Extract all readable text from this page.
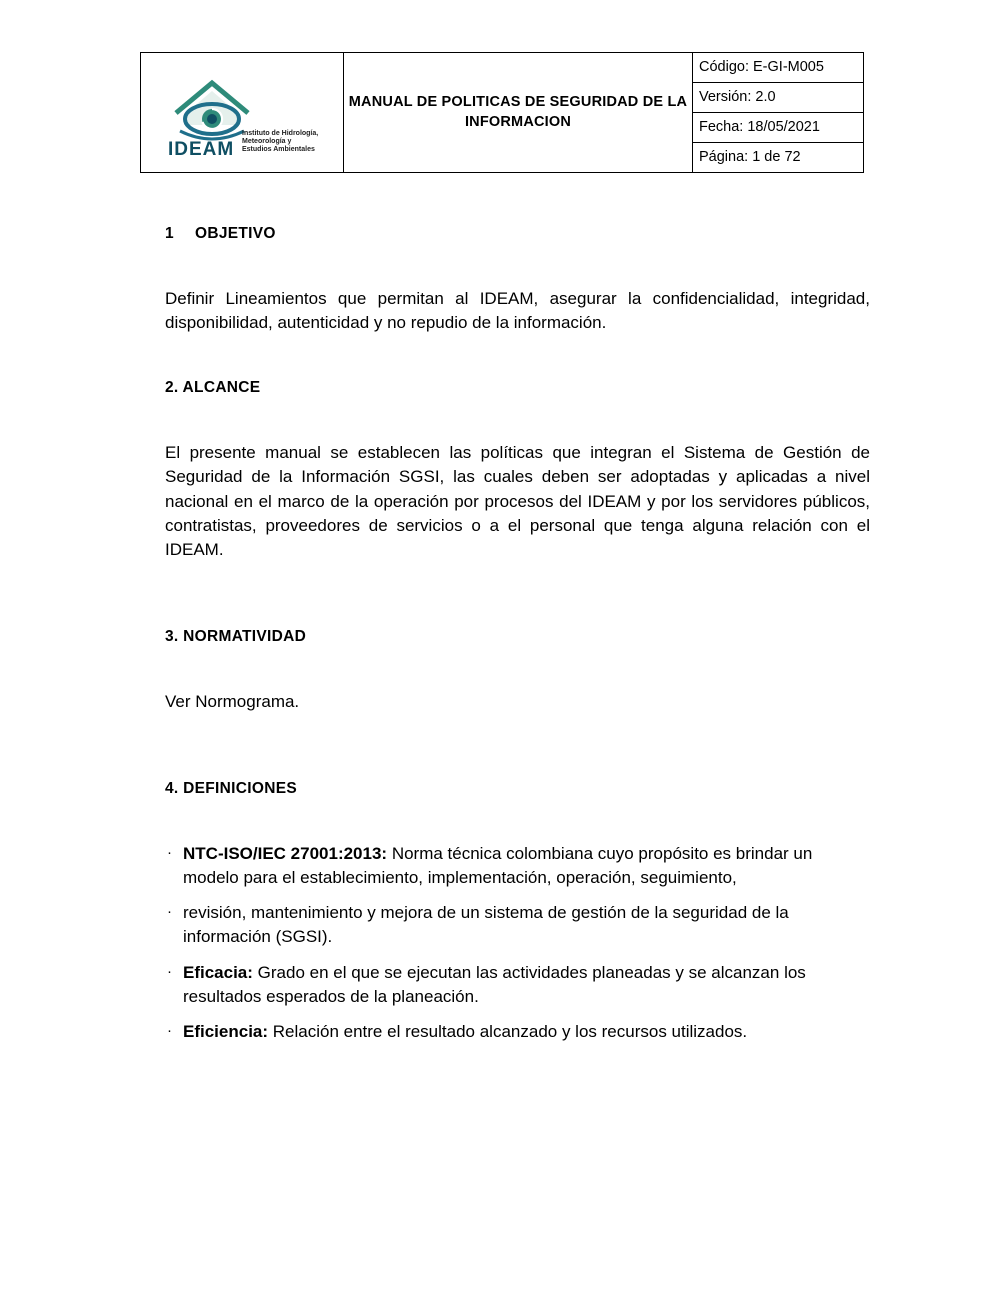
IDEAM
Instituto de Hidrología,
Meteorología y
Estudios Ambientales
	MANUAL DE POLITICAS DE SEGURIDAD DE LA INFORMACION	
Código: E-GI-M005
Versión: 2.0
Fecha: 18/05/2021
Página: 1 de 72

1 OBJETIVO

Definir Lineamientos que permitan al IDEAM, asegurar la confidencialidad, integridad, disponibilidad, autenticidad y no repudio de la información.

2. ALCANCE

El presente manual se establecen las políticas que integran el Sistema de Gestión de Seguridad de la Información SGSI, las cuales deben ser adoptadas y aplicadas a nivel nacional en el marco de la operación por procesos del IDEAM y por los servidores públicos, contratistas, proveedores de servicios o a el personal que tenga alguna relación con el IDEAM.

3. NORMATIVIDAD

Ver Normograma.

4. DEFINICIONES

· NTC-ISO/IEC 27001:2013: Norma técnica colombiana cuyo propósito es brindar un modelo para el establecimiento, implementación, operación, seguimiento,
· revisión, mantenimiento y mejora de un sistema de gestión de la seguridad de la información (SGSI).
· Eficacia: Grado en el que se ejecutan las actividades planeadas y se alcanzan los resultados esperados de la planeación.
· Eficiencia: Relación entre el resultado alcanzado y los recursos utilizados.
